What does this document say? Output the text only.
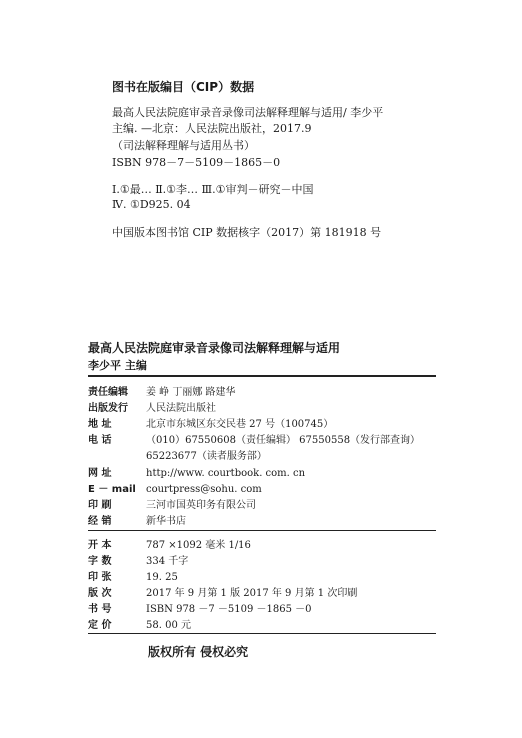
图书在版编目（CIP）数据
最高人民法院庭审录音录像司法解释理解与适用/ 李少平
主编. —北京：人民法院出版社，2017.9
（司法解释理解与适用丛书）
ISBN 978－7－5109－1865－0
Ⅰ.①最… Ⅱ.①李… Ⅲ.①审判－研究－中国
Ⅳ. ①D925. 04
中国版本图书馆 CIP 数据核字（2017）第 181918 号
最高人民法院庭审录音录像司法解释理解与适用
李少平 主编
责任编辑 姜 峥 丁丽娜 路建华
出版发行 人民法院出版社
地 址	北京市东城区东交民巷 27 号（100745）
电 话	（010）67550608（责任编辑） 67550558（发行部查询）
65223677（读者服务部）
网 址	http://www. courtbook. com. cn
E － mail courtpress@sohu. com
印 刷	三河市国英印务有限公司
经 销	新华书店
开 本	787 ×1092 毫米 1/16
字 数	334 千字
印 张	19. 25
版 次	2017 年 9 月第 1 版 2017 年 9 月第 1 次印刷
书 号	ISBN 978 －7 －5109 －1865 －0
定 价	58. 00 元
版权所有 侵权必究
